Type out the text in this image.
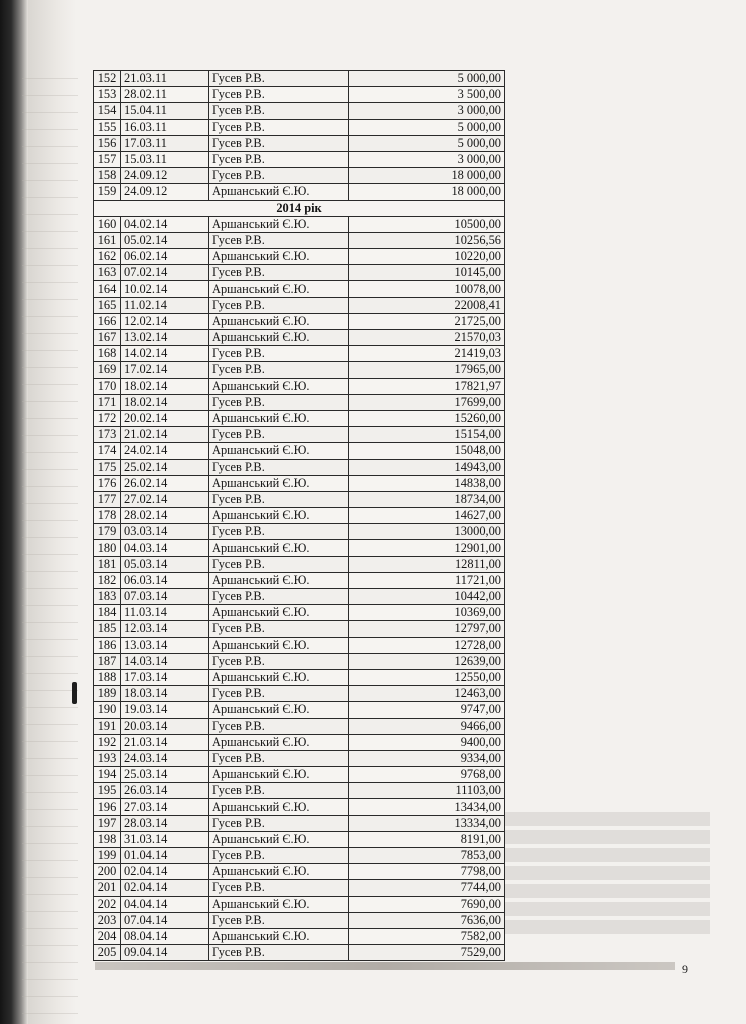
152	21.03.11	Гусев Р.В.	5 000,00
153	28.02.11	Гусев Р.В.	3 500,00
154	15.04.11	Гусев Р.В.	3 000,00
155	16.03.11	Гусев Р.В.	5 000,00
156	17.03.11	Гусев Р.В.	5 000,00
157	15.03.11	Гусев Р.В.	3 000,00
158	24.09.12	Гусев Р.В.	18 000,00
159	24.09.12	Аршанський Є.Ю.	18 000,00
2014 рік			
160	04.02.14	Аршанський Є.Ю.	10500,00
161	05.02.14	Гусев Р.В.	10256,56
162	06.02.14	Аршанський Є.Ю.	10220,00
163	07.02.14	Гусев Р.В.	10145,00
164	10.02.14	Аршанський Є.Ю.	10078,00
165	11.02.14	Гусев Р.В.	22008,41
166	12.02.14	Аршанський Є.Ю.	21725,00
167	13.02.14	Аршанський Є.Ю.	21570,03
168	14.02.14	Гусев Р.В.	21419,03
169	17.02.14	Гусев Р.В.	17965,00
170	18.02.14	Аршанський Є.Ю.	17821,97
171	18.02.14	Гусев Р.В.	17699,00
172	20.02.14	Аршанський Є.Ю.	15260,00
173	21.02.14	Гусев Р.В.	15154,00
174	24.02.14	Аршанський Є.Ю.	15048,00
175	25.02.14	Гусев Р.В.	14943,00
176	26.02.14	Аршанський Є.Ю.	14838,00
177	27.02.14	Гусев Р.В.	18734,00
178	28.02.14	Аршанський Є.Ю.	14627,00
179	03.03.14	Гусев Р.В.	13000,00
180	04.03.14	Аршанський Є.Ю.	12901,00
181	05.03.14	Гусев Р.В.	12811,00
182	06.03.14	Аршанський Є.Ю.	11721,00
183	07.03.14	Гусев Р.В.	10442,00
184	11.03.14	Аршанський Є.Ю.	10369,00
185	12.03.14	Гусев Р.В.	12797,00
186	13.03.14	Аршанський Є.Ю.	12728,00
187	14.03.14	Гусев Р.В.	12639,00
188	17.03.14	Аршанський Є.Ю.	12550,00
189	18.03.14	Гусев Р.В.	12463,00
190	19.03.14	Аршанський Є.Ю.	9747,00
191	20.03.14	Гусев Р.В.	9466,00
192	21.03.14	Аршанський Є.Ю.	9400,00
193	24.03.14	Гусев Р.В.	9334,00
194	25.03.14	Аршанський Є.Ю.	9768,00
195	26.03.14	Гусев Р.В.	11103,00
196	27.03.14	Аршанський Є.Ю.	13434,00
197	28.03.14	Гусев Р.В.	13334,00
198	31.03.14	Аршанський Є.Ю.	8191,00
199	01.04.14	Гусев Р.В.	7853,00
200	02.04.14	Аршанський Є.Ю.	7798,00
201	02.04.14	Гусев Р.В.	7744,00
202	04.04.14	Аршанський Є.Ю.	7690,00
203	07.04.14	Гусев Р.В.	7636,00
204	08.04.14	Аршанський Є.Ю.	7582,00
205	09.04.14	Гусев Р.В.	7529,00
9
